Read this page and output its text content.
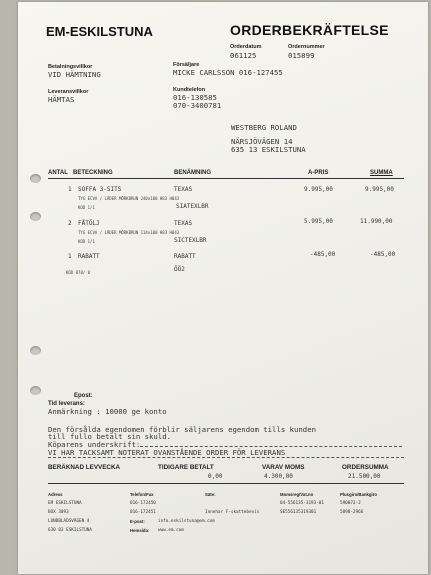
EM-ESKILSTUNA	ORDERBEKRÄFTELSE
Orderdatum
061125
Ordernummer
015899
Betalningsvillkor
VID HÄMTNING
Försäljare
MICKE CARLSSON 016-127455
Leveransvillkor
HÄMTAS
Kundtelefon
016-130585
070-3400781
WESTBERG ROLAND
NÄRSJÖVÄGEN 14
635 13 ESKILSTUNA
ANTAL BETECKNING	BENÄMNING	A-PRIS	SUMMA
1 SOFFA 3-SITS	TEXAS	9.995,00	9.995,00
TYG ECVA / LÄDER MÖRKBRUN 240x100 H83 H043
SIATEXLBR
KOD 1/1
2 FÅTÖLJ	TEXAS	5.995,00	11.990,00
TYG ECVA / LÄDER MÖRKBRUN 114x100 H83 H043
SICTEXLBR
KOD 1/1
1 RABATT	RABATT	-485,00	-485,00
ÖÖ2
KOD 070/ 0
Epost:
Tid leverans:
Anmärkning : 10000 ge konto
Den försålda egendomen förblir säljarens egendom tills kunden
till fullo betalt sin skuld.
Köparens underskrift:
VI HAR TACKSAMT NOTERAT OVANSTÅENDE ORDER FÖR LEVERANS
BERÄKNAD LEVVECKA	TIDIGARE BETALT
0,00
VARAV MOMS
4.300,00
ORDERSUMMA
21.500,00
Adress
EM ESKILSTUNA
BOX 3093
LUNDBLADSVÄGEN 4
630 03 ESKILSTUNA
Telefon/Fax
016-172450
016-172451
E-post:	info.eskilstuna@em.com
Hemsida: www.em.com
Säte:
Innehar F-skattebevis
Momsreg/Vat.no
04-556135-3193-01
SE556135319301
Plusgiro/Bankgiro
590073-2
5890-2966
